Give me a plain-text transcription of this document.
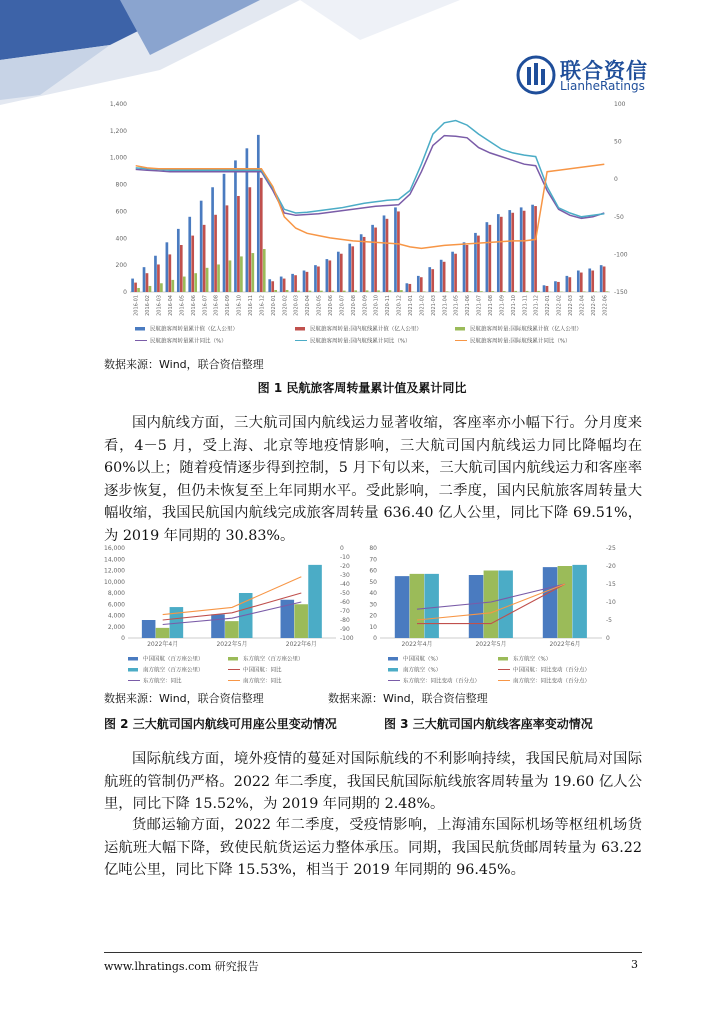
联合资信
LianheRatings
0
200
400
600
800
1,000
1,200
1,400	100
50
0
-50
-100
-150
2016-01 2016-02 2016-03 2016-04 2016-05 2016-06 2016-07 2016-08 2016-09 2016-10 2016-11 2016-12 2020-01 2020-02 2020-03 2020-04 2020-05 2020-06 2020-07 2020-08 2020-09 2020-10 2020-11 2020-12 2021-01 2021-02 2021-03 2021-04 2021-05 2021-06 2021-07 2021-08 2021-09 2021-10 2021-11 2021-12 2022-01 2022-02 2022-03 2022-04 2022-05 2022-06
民航旅客周转量累计值（亿人公里）	民航旅客周转量:国内航线累计值（亿人公里）	民航旅客周转量:国际航线累计值（亿人公里）
民航旅客周转量累计同比（%）	民航旅客周转量:国内航线累计同比（%）	民航旅客周转量:国际航线累计同比（%）
数据来源：Wind，联合资信整理
图 1 民航旅客周转量累计值及累计同比
国内航线方面，三大航司国内航线运力显著收缩，客座率亦小幅下行。分月度来看，4－5 月，受上海、北京等地疫情影响，三大航司国内航线运力同比降幅均在 60%以上；随着疫情逐步得到控制，5 月下旬以来，三大航司国内航线运力和客座率逐步恢复，但仍未恢复至上年同期水平。受此影响，二季度，国内民航旅客周转量大幅收缩，我国民航国内航线完成旅客周转量 636.40 亿人公里，同比下降 69.51%，为 2019 年同期的 30.83%。
0
2,000
4,000
6,000
8,000
10,000
12,000
14,000
16,000	0
-10
-20
-30
-40
-50
-60
-70
-80
-90
-100
2022年4月	2022年5月	2022年6月
中国国航（百万座公里）	东方航空（百万座公里）
南方航空（百万座公里）	中国国航：同比
东方航空：同比	南方航空：同比
0
10
20
30
40
50
60
70
80	-25
-20
-15
-10
-5
0
2022年4月	2022年5月	2022年6月
中国国航（%）	东方航空（%）
南方航空（%）	中国国航：同比变动（百分点）
东方航空：同比变动（百分点）	南方航空：同比变动（百分点）
数据来源：Wind，联合资信整理	数据来源：Wind，联合资信整理
图 2 三大航司国内航线可用座公里变动情况	图 3 三大航司国内航线客座率变动情况
国际航线方面，境外疫情的蔓延对国际航线的不利影响持续，我国民航局对国际航班的管制仍严格。2022 年二季度，我国民航国际航线旅客周转量为 19.60 亿人公里，同比下降 15.52%，为 2019 年同期的 2.48%。
货邮运输方面，2022 年二季度，受疫情影响，上海浦东国际机场等枢纽机场货运航班大幅下降，致使民航货运运力整体承压。同期，我国民航货邮周转量为 63.22 亿吨公里，同比下降 15.53%，相当于 2019 年同期的 96.45%。
www.lhratings.com 研究报告	3
